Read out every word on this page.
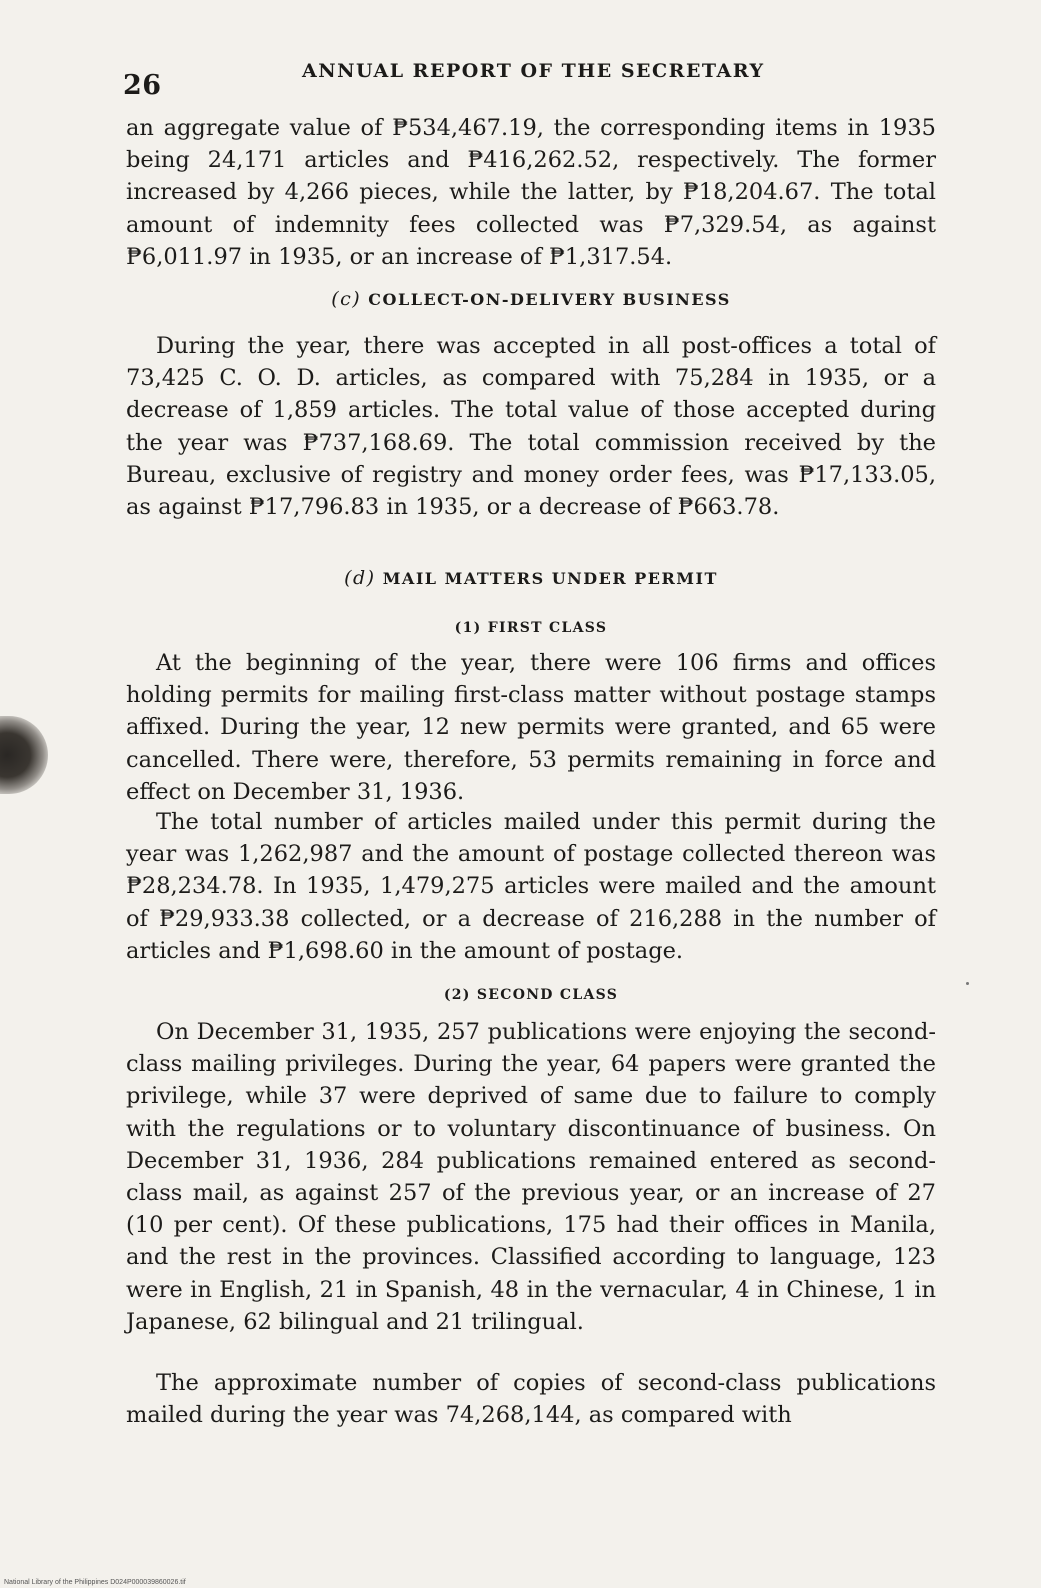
26	ANNUAL REPORT OF THE SECRETARY
an aggregate value of ₱534,467.19, the corresponding items in 1935 being 24,171 articles and ₱416,262.52, respectively. The former increased by 4,266 pieces, while the latter, by ₱18,204.67. The total amount of indemnity fees collected was ₱7,329.54, as against ₱6,011.97 in 1935, or an increase of ₱1,317.54.
(c) COLLECT-ON-DELIVERY BUSINESS
During the year, there was accepted in all post-offices a total of 73,425 C. O. D. articles, as compared with 75,284 in 1935, or a decrease of 1,859 articles. The total value of those accepted during the year was ₱737,168.69. The total commission received by the Bureau, exclusive of registry and money order fees, was ₱17,133.05, as against ₱17,796.83 in 1935, or a decrease of ₱663.78.
(d) MAIL MATTERS UNDER PERMIT
(1) FIRST CLASS
At the beginning of the year, there were 106 firms and offices holding permits for mailing first-class matter without postage stamps affixed. During the year, 12 new permits were granted, and 65 were cancelled. There were, therefore, 53 permits remaining in force and effect on December 31, 1936.
The total number of articles mailed under this permit during the year was 1,262,987 and the amount of postage collected thereon was ₱28,234.78. In 1935, 1,479,275 articles were mailed and the amount of ₱29,933.38 collected, or a decrease of 216,288 in the number of articles and ₱1,698.60 in the amount of postage.
(2) SECOND CLASS
On December 31, 1935, 257 publications were enjoying the second-class mailing privileges. During the year, 64 papers were granted the privilege, while 37 were deprived of same due to failure to comply with the regulations or to voluntary discontinuance of business. On December 31, 1936, 284 publications remained entered as second-class mail, as against 257 of the previous year, or an increase of 27 (10 per cent). Of these publications, 175 had their offices in Manila, and the rest in the provinces. Classified according to language, 123 were in English, 21 in Spanish, 48 in the vernacular, 4 in Chinese, 1 in Japanese, 62 bilingual and 21 trilingual.
The approximate number of copies of second-class publications mailed during the year was 74,268,144, as compared with
National Library of the Philippines D024P000039860026.tif
